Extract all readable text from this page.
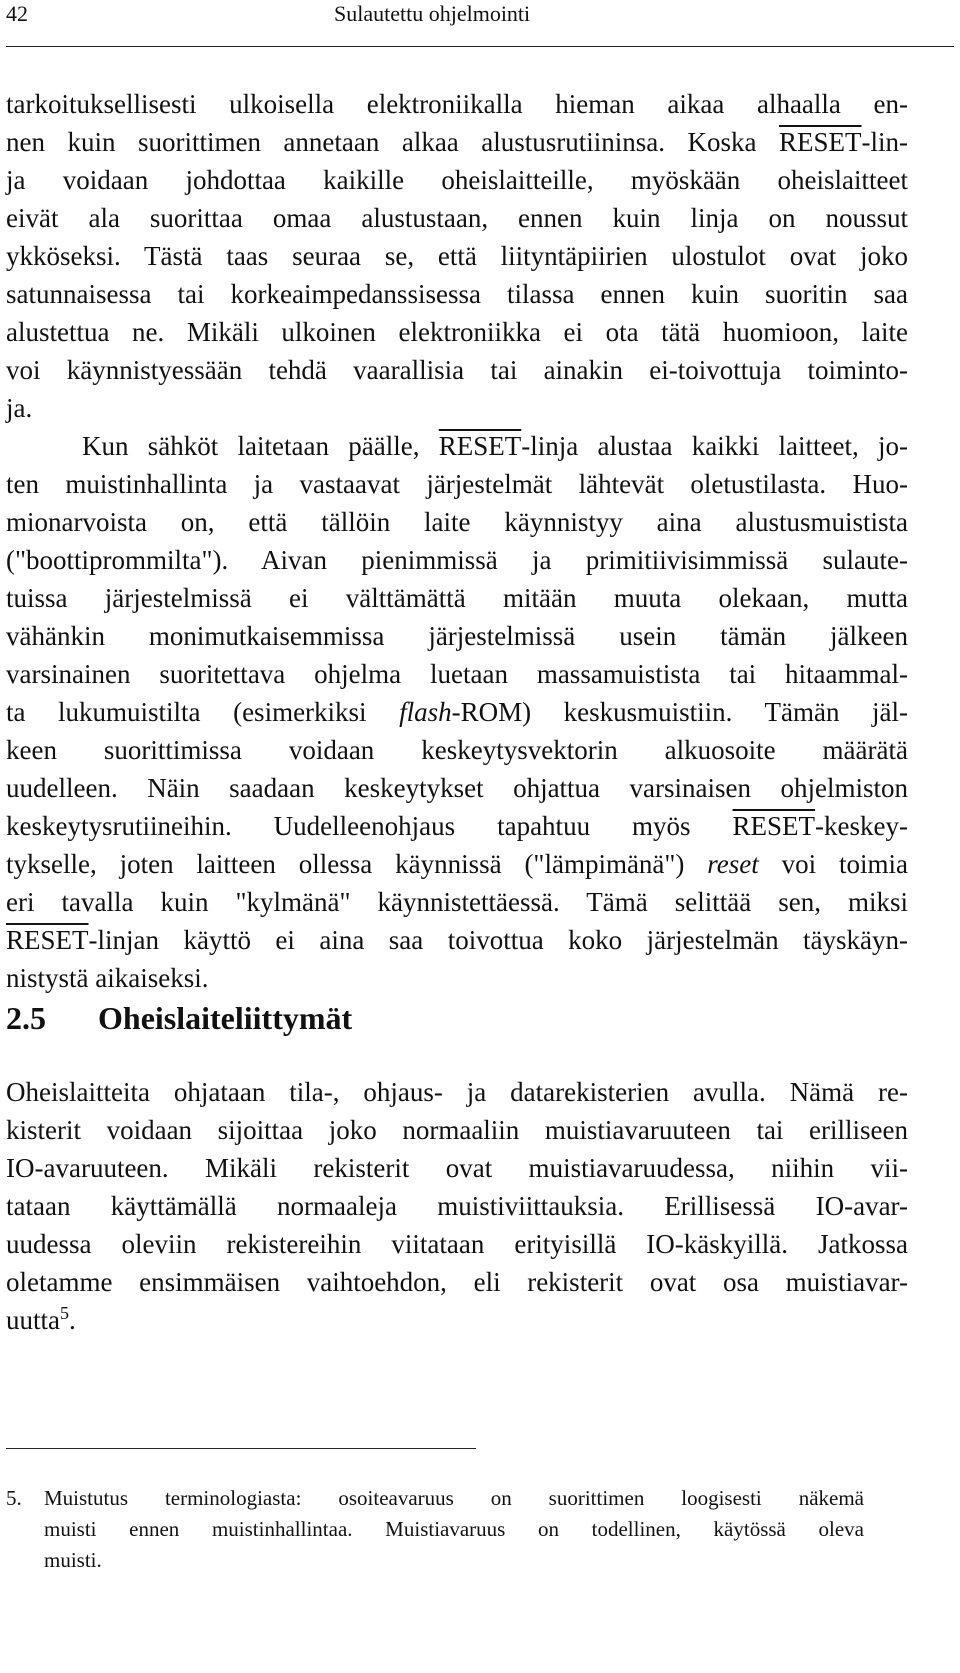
42	Sulautettu ohjelmointi
tarkoituksellisesti ulkoisella elektroniikalla hieman aikaa alhaalla en-
nen kuin suorittimen annetaan alkaa alustusrutiininsa. Koska RESET-lin-
ja voidaan johdottaa kaikille oheislaitteille, myöskään oheislaitteet
eivät ala suorittaa omaa alustustaan, ennen kuin linja on noussut
ykköseksi. Tästä taas seuraa se, että liityntäpiirien ulostulot ovat joko
satunnaisessa tai korkeaimpedanssisessa tilassa ennen kuin suoritin saa
alustettua ne. Mikäli ulkoinen elektroniikka ei ota tätä huomioon, laite
voi käynnistyessään tehdä vaarallisia tai ainakin ei-toivottuja toiminto-
ja.
Kun sähköt laitetaan päälle, RESET-linja alustaa kaikki laitteet, jo-
ten muistinhallinta ja vastaavat järjestelmät lähtevät oletustilasta. Huo-
mionarvoista on, että tällöin laite käynnistyy aina alustusmuistista
("boottiprommilta"). Aivan pienimmissä ja primitiivisimmissä sulaute-
tuissa järjestelmissä ei välttämättä mitään muuta olekaan, mutta
vähänkin monimutkaisemmissa järjestelmissä usein tämän jälkeen
varsinainen suoritettava ohjelma luetaan massamuistista tai hitaammal-
ta lukumuistilta (esimerkiksi flash-ROM) keskusmuistiin. Tämän jäl-
keen suorittimissa voidaan keskeytysvektorin alkuosoite määrätä
uudelleen. Näin saadaan keskeytykset ohjattua varsinaisen ohjelmiston
keskeytysrutiineihin. Uudelleenohjaus tapahtuu myös RESET-keskey-
tykselle, joten laitteen ollessa käynnissä ("lämpimänä") reset voi toimia
eri tavalla kuin "kylmänä" käynnistettäessä. Tämä selittää sen, miksi
RESET-linjan käyttö ei aina saa toivottua koko järjestelmän täyskäyn-
nistystä aikaiseksi.
2.5 Oheislaiteliittymät
Oheislaitteita ohjataan tila-, ohjaus- ja datarekisterien avulla. Nämä re-
kisterit voidaan sijoittaa joko normaaliin muistiavaruuteen tai erilliseen
IO-avaruuteen. Mikäli rekisterit ovat muistiavaruudessa, niihin vii-
tataan käyttämällä normaaleja muistiviittauksia. Erillisessä IO-avar-
uudessa oleviin rekistereihin viitataan erityisillä IO-käskyillä. Jatkossa
oletamme ensimmäisen vaihtoehdon, eli rekisterit ovat osa muistiavar-
uutta$^5$.
5. Muistutus terminologiasta: osoiteavaruus on suorittimen loogisesti näkemä
muisti ennen muistinhallintaa. Muistiavaruus on todellinen, käytössä oleva
muisti.
